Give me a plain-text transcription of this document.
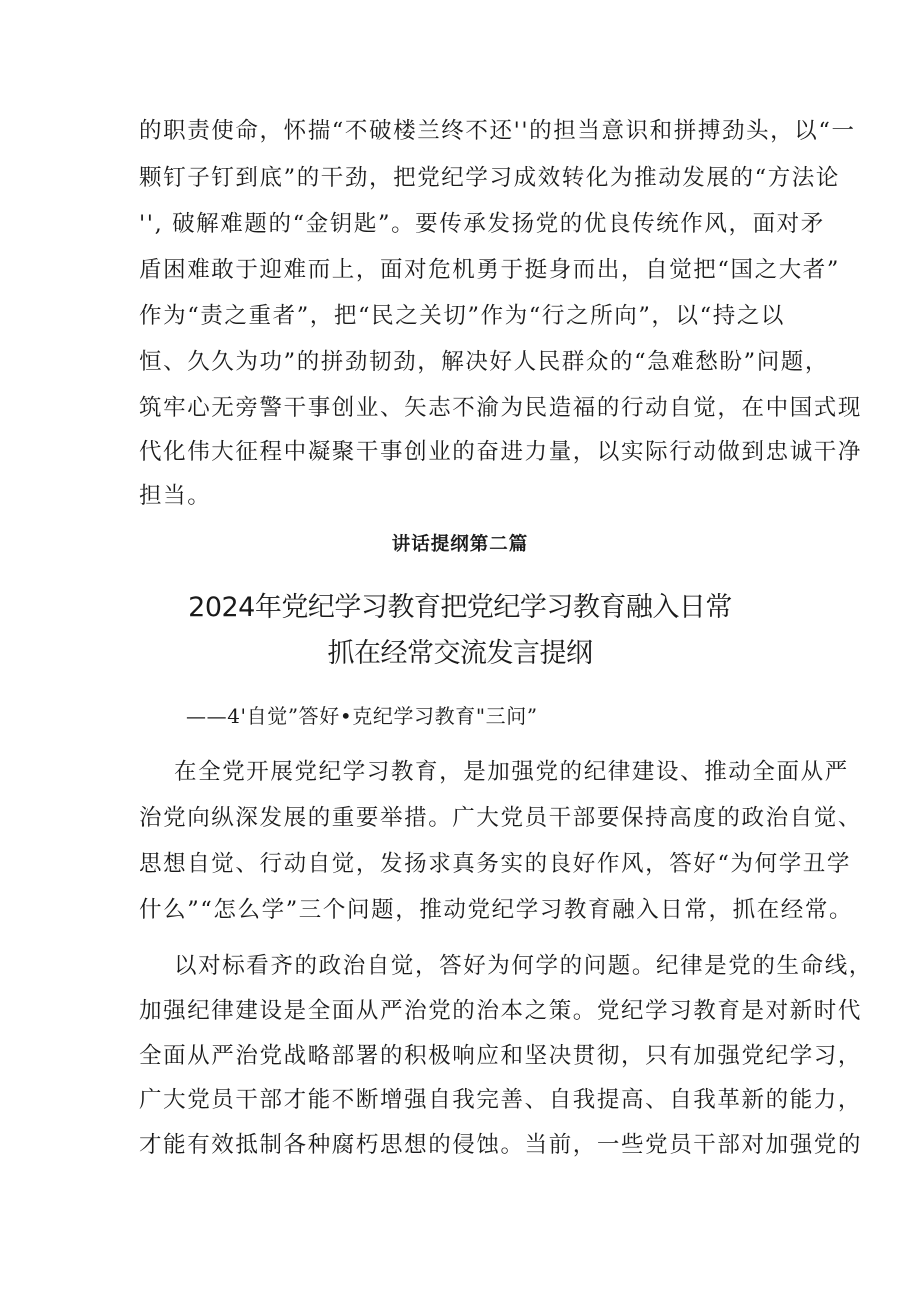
的职责使命，怀揣“不破楼兰终不还''的担当意识和拼搏劲头，以“一
颗钉子钉到底”的干劲，把党纪学习成效转化为推动发展的“方法论
'', 破解难题的“金钥匙”。要传承发扬党的优良传统作风，面对矛
盾困难敢于迎难而上，面对危机勇于挺身而出，自觉把“国之大者”
作为“责之重者”，把“民之关切”作为“行之所向”，以“持之以
恒、久久为功”的拼劲韧劲，解决好人民群众的“急难愁盼”问题，
筑牢心无旁警干事创业、矢志不渝为民造福的行动自觉，在中国式现
代化伟大征程中凝聚干事创业的奋进力量，以实际行动做到忠诚干净
担当。
讲话提纲第二篇
2024年党纪学习教育把党纪学习教育融入日常
抓在经常交流发言提纲
——4'自觉”答好•克纪学习教育"三问”
在全党开展党纪学习教育，是加强党的纪律建设、推动全面从严
治党向纵深发展的重要举措。广大党员干部要保持高度的政治自觉、
思想自觉、行动自觉，发扬求真务实的良好作风，答好“为何学丑学
什么”“怎么学”三个问题，推动党纪学习教育融入日常，抓在经常。
以对标看齐的政治自觉，答好为何学的问题。纪律是党的生命线，
加强纪律建设是全面从严治党的治本之策。党纪学习教育是对新时代
全面从严治党战略部署的积极响应和坚决贯彻，只有加强党纪学习，
广大党员干部才能不断增强自我完善、自我提高、自我革新的能力，
才能有效抵制各种腐朽思想的侵蚀。当前，一些党员干部对加强党的
